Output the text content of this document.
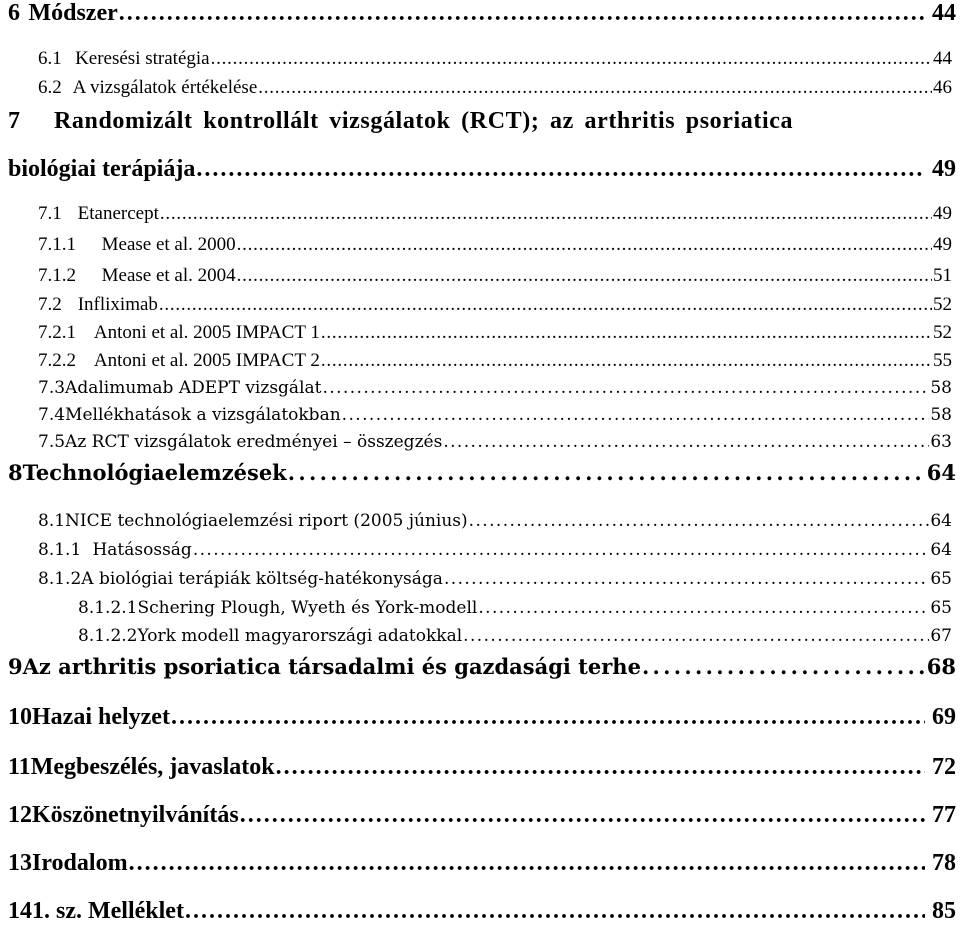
6 Módszer . . .	44
6.1 Keresési stratégia . . .	44
6.2 A vizsgálatok értékelése . . .	46
7	Randomizált kontrollált vizsgálatok (RCT); az arthritis psoriatica
biológiai terápiája . . .	49
7.1 Etanercept . . .	49
7.1.1	Mease et al. 2000 . . .	49
7.1.2	Mease et al. 2004 . . .	51
7.2 Infliximab . . .	52
7.2.1 Antoni et al. 2005 IMPACT 1 . . .	52
7.2.2 Antoni et al. 2005 IMPACT 2 . . .	55
7.3 Adalimumab ADEPT vizsgálat . . .	58
7.4 Mellékhatások a vizsgálatokban . . .	58
7.5 Az RCT vizsgálatok eredményei – összegzés . . .	63
8 Technológiaelemzések . . .	64
8.1 NICE technológiaelemzési riport (2005 június) . . .	64
8.1.1 Hatásosság . . .	64
8.1.2 A biológiai terápiák költség-hatékonysága . . .	65
8.1.2.1 Schering Plough, Wyeth és York-modell . . .	65
8.1.2.2 York modell magyarországi adatokkal . . .	67
9 Az arthritis psoriatica társadalmi és gazdasági terhe . . .	68
10 Hazai helyzet . . .	69
11 Megbeszélés, javaslatok . . .	72
12 Köszönetnyilvánítás . . .	77
13 Irodalom . . .	78
14 1. sz. Melléklet . . .	85
